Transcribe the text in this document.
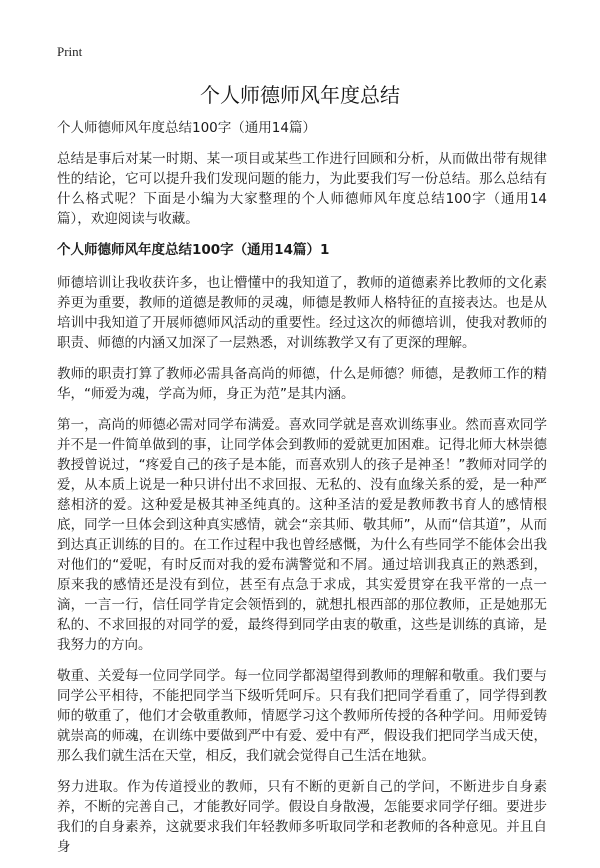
Print
个人师德师风年度总结

个人师德师风年度总结100字（通用14篇）

总结是事后对某一时期、某一项目或某些工作进行回顾和分析，从而做出带有规律性的结论，它可以提升我们发现问题的能力，为此要我们写一份总结。那么总结有什么格式呢？下面是小编为大家整理的个人师德师风年度总结100字（通用14篇），欢迎阅读与收藏。

个人师德师风年度总结100字（通用14篇）1

师德培训让我收获许多，也让懵懂中的我知道了，教师的道德素养比教师的文化素养更为重要，教师的道德是教师的灵魂，师德是教师人格特征的直接表达。也是从培训中我知道了开展师德师风活动的重要性。经过这次的师德培训，使我对教师的职责、师德的内涵又加深了一层熟悉，对训练教学又有了更深的理解。

教师的职责打算了教师必需具备高尚的师德，什么是师德？师德，是教师工作的精华，“师爱为魂，学高为师，身正为范”是其内涵。

第一，高尚的师德必需对同学布满爱。喜欢同学就是喜欢训练事业。然而喜欢同学并不是一件简单做到的事，让同学体会到教师的爱就更加困难。记得北师大林崇德教授曾说过，“疼爱自己的孩子是本能，而喜欢别人的孩子是神圣！”教师对同学的爱，从本质上说是一种只讲付出不求回报、无私的、没有血缘关系的爱，是一种严慈相济的爱。这种爱是极其神圣纯真的。这种圣洁的爱是教师教书育人的感情根底，同学一旦体会到这种真实感情，就会“亲其师、敬其师”，从而“信其道”，从而到达真正训练的目的。在工作过程中我也曾经感慨，为什么有些同学不能体会出我对他们的“爱呢，有时反而对我的爱布满警觉和不屑。通过培训我真正的熟悉到，原来我的感情还是没有到位，甚至有点急于求成，其实爱贯穿在我平常的一点一滴，一言一行，信任同学肯定会领悟到的，就想扎根西部的那位教师，正是她那无私的、不求回报的对同学的爱，最终得到同学由衷的敬重，这些是训练的真谛，是我努力的方向。

敬重、关爱每一位同学同学。每一位同学都渴望得到教师的理解和敬重。我们要与同学公平相待，不能把同学当下级听凭呵斥。只有我们把同学看重了，同学得到教师的敬重了，他们才会敬重教师，情愿学习这个教师所传授的各种学问。用师爱铸就崇高的师魂，在训练中要做到严中有爱、爱中有严，假设我们把同学当成天使，那么我们就生活在天堂，相反，我们就会觉得自己生活在地狱。

努力进取。作为传道授业的教师，只有不断的更新自己的学问，不断进步自身素养，不断的完善自己，才能教好同学。假设自身散漫，怎能要求同学仔细。要进步我们的自身素养，这就要求我们年轻教师多听取同学和老教师的各种意见。并且自身
